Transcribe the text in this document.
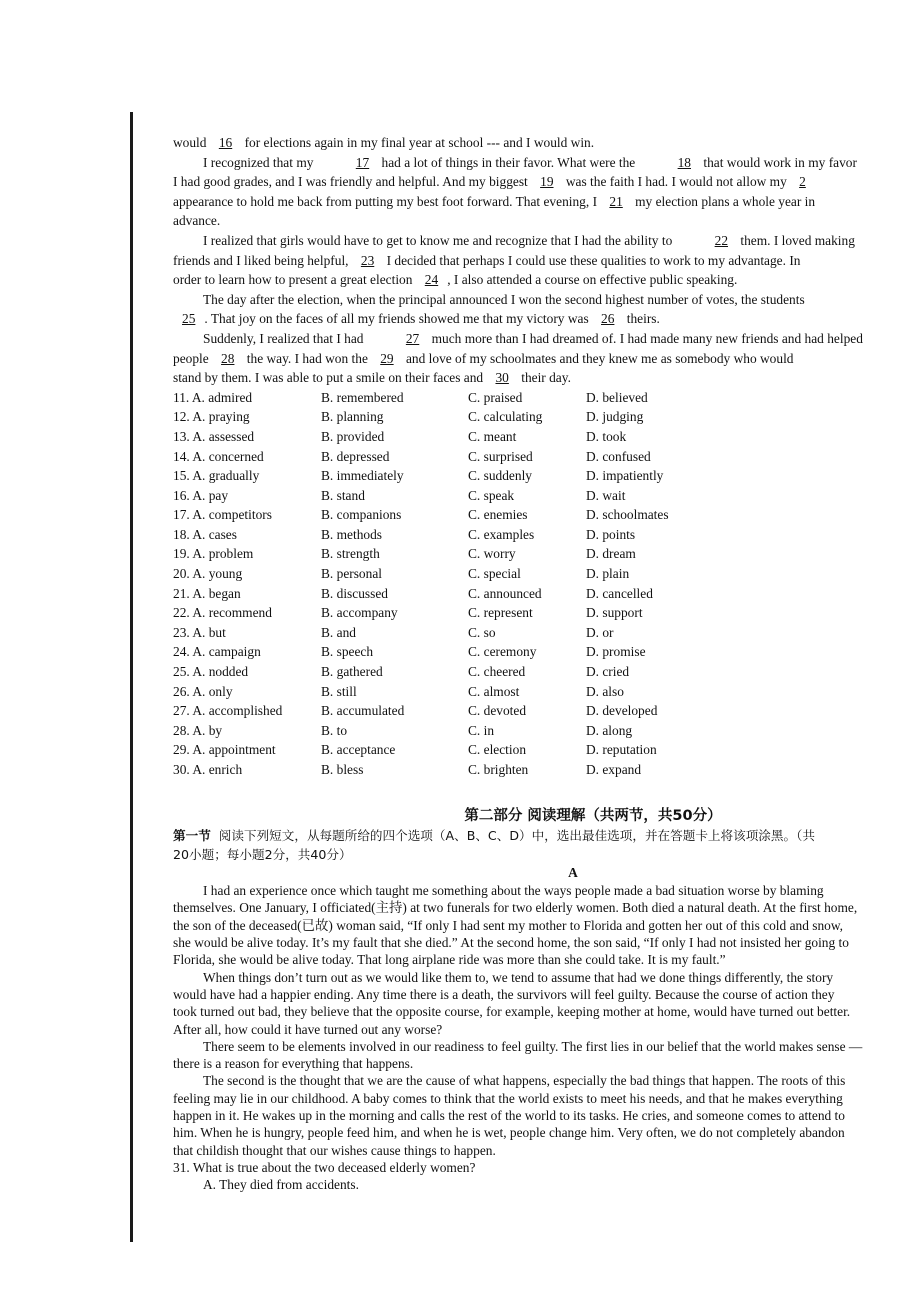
would 16 for elections again in my final year at school --- and I would win.

I recognized that my	17 had a lot of things in their favor. What were the	18 that would work in my favor

I had good grades, and I was friendly and helpful. And my biggest 19 was the faith I had. I would not allow my 2

appearance to hold me back from putting my best foot forward. That evening, I 21 my election plans a whole year in

advance.

I realized that girls would have to get to know me and recognize that I had the ability to	22 them. I loved making

friends and I liked being helpful, 23 I decided that perhaps I could use these qualities to work to my advantage. In

order to learn how to present a great election 24 , I also attended a course on effective public speaking.

The day after the election, when the principal announced I won the second highest number of votes, the students

25 . That joy on the faces of all my friends showed me that my victory was 26 theirs.

Suddenly, I realized that I had	27 much more than I had dreamed of. I had made many new friends and had helped

people 28 the way. I had won the 29 and love of my schoolmates and they knew me as somebody who would

stand by them. I was able to put a smile on their faces and 30 their day.

11. A. admired	B. remembered	C. praised	D. believed
12. A. praying	B. planning	C. calculating	D. judging
13. A. assessed	B. provided	C. meant	D. took
14. A. concerned	B. depressed	C. surprised	D. confused
15. A. gradually	B. immediately	C. suddenly	D. impatiently
16. A. pay	B. stand	C. speak	D. wait
17. A. competitors	B. companions	C. enemies	D. schoolmates
18. A. cases	B. methods	C. examples	D. points
19. A. problem	B. strength	C. worry	D. dream
20. A. young	B. personal	C. special	D. plain
21. A. began	B. discussed	C. announced	D. cancelled
22. A. recommend	B. accompany	C. represent	D. support
23. A. but	B. and	C. so	D. or
24. A. campaign	B. speech	C. ceremony	D. promise
25. A. nodded	B. gathered	C. cheered	D. cried
26. A. only	B. still	C. almost	D. also
27. A. accomplished	B. accumulated	C. devoted	D. developed
28. A. by	B. to	C. in	D. along
29. A. appointment	B. acceptance	C. election	D. reputation
30. A. enrich	B. bless	C. brighten	D. expand
第二部分 阅读理解（共两节，共50分）
第一节 阅读下列短文，从每题所给的四个选项（A、B、C、D）中，选出最佳选项，并在答题卡上将该项涂黑。（共
20小题；每小题2分，共40分）
A

I had an experience once which taught me something about the ways people made a bad situation worse by blaming

themselves. One January, I officiated(主持) at two funerals for two elderly women. Both died a natural death. At the first home,

the son of the deceased(已故) woman said, “If only I had sent my mother to Florida and gotten her out of this cold and snow,

she would be alive today. It’s my fault that she died.” At the second home, the son said, “If only I had not insisted her going to

Florida, she would be alive today. That long airplane ride was more than she could take. It is my fault.”

When things don’t turn out as we would like them to, we tend to assume that had we done things differently, the story

would have had a happier ending. Any time there is a death, the survivors will feel guilty. Because the course of action they

took turned out bad, they believe that the opposite course, for example, keeping mother at home, would have turned out better.

After all, how could it have turned out any worse?

There seem to be elements involved in our readiness to feel guilty. The first lies in our belief that the world makes sense —

there is a reason for everything that happens.

The second is the thought that we are the cause of what happens, especially the bad things that happen. The roots of this

feeling may lie in our childhood. A baby comes to think that the world exists to meet his needs, and that he makes everything

happen in it. He wakes up in the morning and calls the rest of the world to its tasks. He cries, and someone comes to attend to

him. When he is hungry, people feed him, and when he is wet, people change him. Very often, we do not completely abandon

that childish thought that our wishes cause things to happen.

31. What is true about the two deceased elderly women?

A. They died from accidents.
